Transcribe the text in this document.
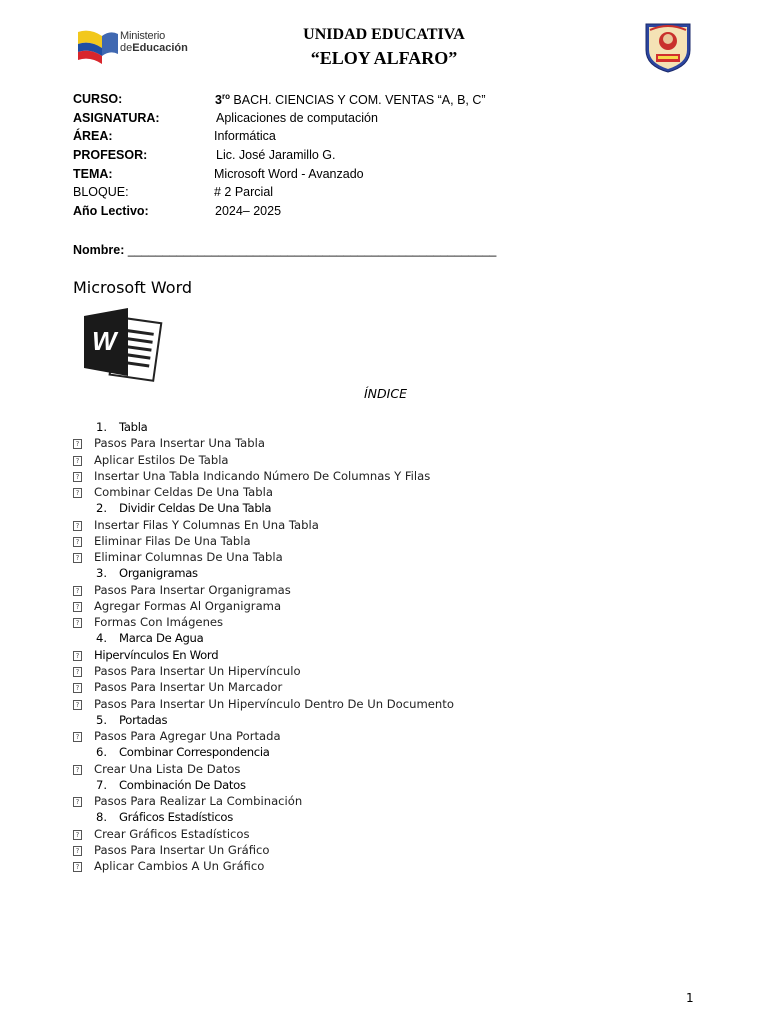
Ministerio
deEducación
UNIDAD EDUCATIVA
“ELOY ALFARO”
CURSO:	$3^{ro}$ BACH. CIENCIAS Y COM. VENTAS “A, B, C”
ASIGNATURA:	Aplicaciones de computación
ÁREA:	Informática
PROFESOR:	Lic. José Jaramillo G.
TEMA:	Microsoft Word - Avanzado
BLOQUE:	# 2 Parcial
Año Lectivo:	2024– 2025
Nombre: _____________________________________________________
Microsoft Word
W
ÍNDICE
1.	Tabla
? Pasos Para Insertar Una Tabla
? Aplicar Estilos De Tabla
? Insertar Una Tabla Indicando Número De Columnas Y Filas
? Combinar Celdas De Una Tabla
2.	Dividir Celdas De Una Tabla
? Insertar Filas Y Columnas En Una Tabla
? Eliminar Filas De Una Tabla
? Eliminar Columnas De Una Tabla
3.	Organigramas
? Pasos Para Insertar Organigramas
? Agregar Formas Al Organigrama
? Formas Con Imágenes
4.	Marca De Agua
? Hipervínculos En Word
? Pasos Para Insertar Un Hipervínculo
? Pasos Para Insertar Un Marcador
? Pasos Para Insertar Un Hipervínculo Dentro De Un Documento
5.	Portadas
? Pasos Para Agregar Una Portada
6.	Combinar Correspondencia
? Crear Una Lista De Datos
7.	Combinación De Datos
? Pasos Para Realizar La Combinación
8.	Gráficos Estadísticos
? Crear Gráficos Estadísticos
? Pasos Para Insertar Un Gráfico
? Aplicar Cambios A Un Gráfico
1
